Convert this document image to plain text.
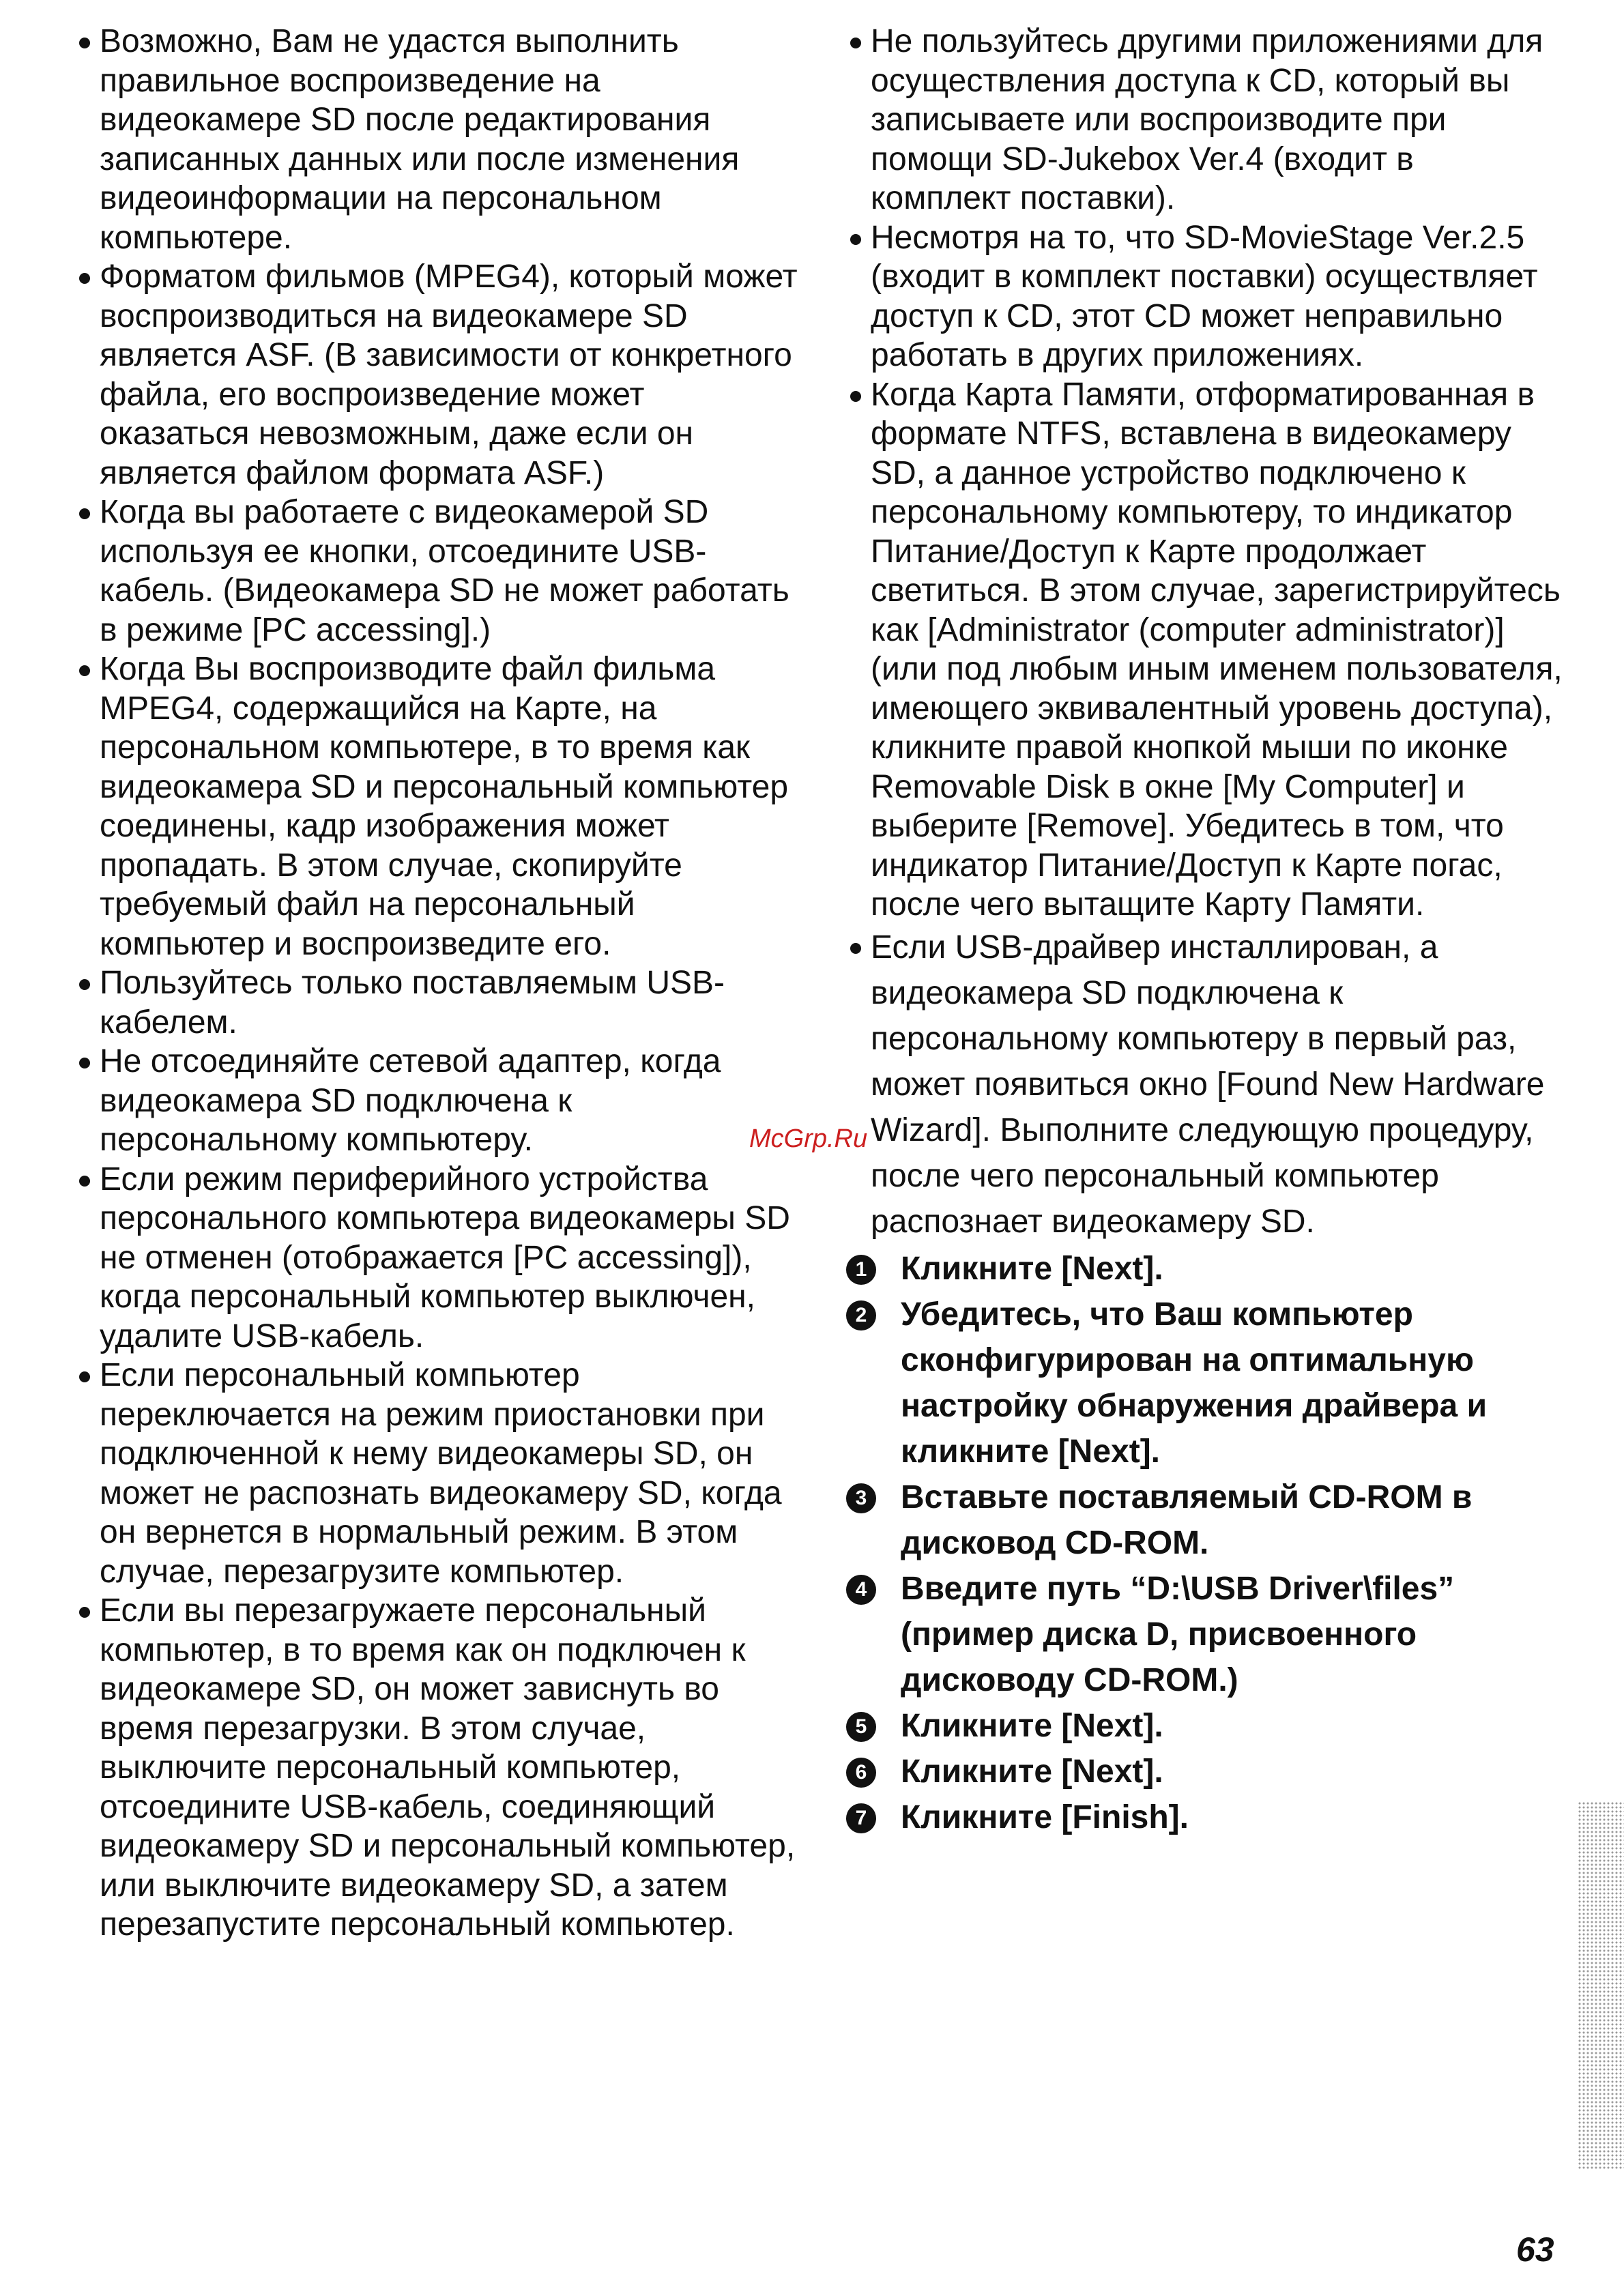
Возможно, Вам не удастся выполнить правильное воспроизведение на видеокамере SD после редактирования записанных данных или после изменения видеоинформации на персональном компьютере.
Форматом фильмов (MPEG4), который может воспроизводиться на видеокамере SD является ASF. (В зависимости от конкретного файла, его воспроизведение может оказаться невозможным, даже если он является файлом формата ASF.)
Когда вы работаете с видеокамерой SD используя ее кнопки, отсоедините USB-кабель. (Видеокамера SD не может работать в режиме [PC accessing].)
Когда Вы воспроизводите файл фильма MPEG4, содержащийся на Карте, на персональном компьютере, в то время как видеокамера SD и персональный компьютер соединены, кадр изображения может пропадать. В этом случае, скопируйте требуемый файл на персональный компьютер и воспроизведите его.
Пользуйтесь только поставляемым USB-кабелем.
Не отсоединяйте сетевой адаптер, когда видеокамера SD подключена к персональному компьютеру.
Если режим периферийного устройства персонального компьютера видеокамеры SD не отменен (отображается [PC accessing]), когда персональный компьютер выключен, удалите USB-кабель.
Если персональный компьютер переключается на режим приостановки при подключенной к нему видеокамеры SD, он может не распознать видеокамеру SD, когда он вернется в нормальный режим. В этом случае, перезагрузите компьютер.
Если вы перезагружаете персональный компьютер, в то время как он подключен к видеокамере SD, он может зависнуть во время перезагрузки. В этом случае, выключите персональный компьютер, отсоедините USB-кабель, соединяющий видеокамеру SD и персональный компьютер, или выключите видеокамеру SD, а затем перезапустите персональный компьютер.
Не пользуйтесь другими приложениями для осуществления доступа к CD, который вы записываете или воспроизводите при помощи SD-Jukebox Ver.4 (входит в комплект поставки).
Несмотря на то, что SD-MovieStage Ver.2.5 (входит в комплект поставки) осуществляет доступ к CD, этот CD может неправильно работать в других приложениях.
Когда Карта Памяти, отформатированная в формате NTFS, вставлена в видеокамеру SD, а данное устройство подключено к персональному компьютеру, то индикатор Питание/Доступ к Карте продолжает светиться. В этом случае, зарегистрируйтесь как [Administrator (computer administrator)] (или под любым иным именем пользователя, имеющего эквивалентный уровень доступа), кликните правой кнопкой мыши по иконке Removable Disk в окне [My Computer] и выберите [Remove]. Убедитесь в том, что индикатор Питание/Доступ к Карте погас, после чего вытащите Карту Памяти.
Если USB-драйвер инсталлирован, а видеокамера SD подключена к персональному компьютеру в первый раз, может появиться окно [Found New Hardware Wizard]. Выполните следующую процедуру, после чего персональный компьютер распознает видеокамеру SD.
1 Кликните [Next].
2 Убедитесь, что Ваш компьютер сконфигурирован на оптимальную настройку обнаружения драйвера и кликните [Next].
3 Вставьте поставляемый CD-ROM в дисковод CD-ROM.
4 Введите путь “D:\USB Driver\files” (пример диска D, присвоенного дисководу CD-ROM.)
5 Кликните [Next].
6 Кликните [Next].
7 Кликните [Finish].
McGrp.Ru
63
